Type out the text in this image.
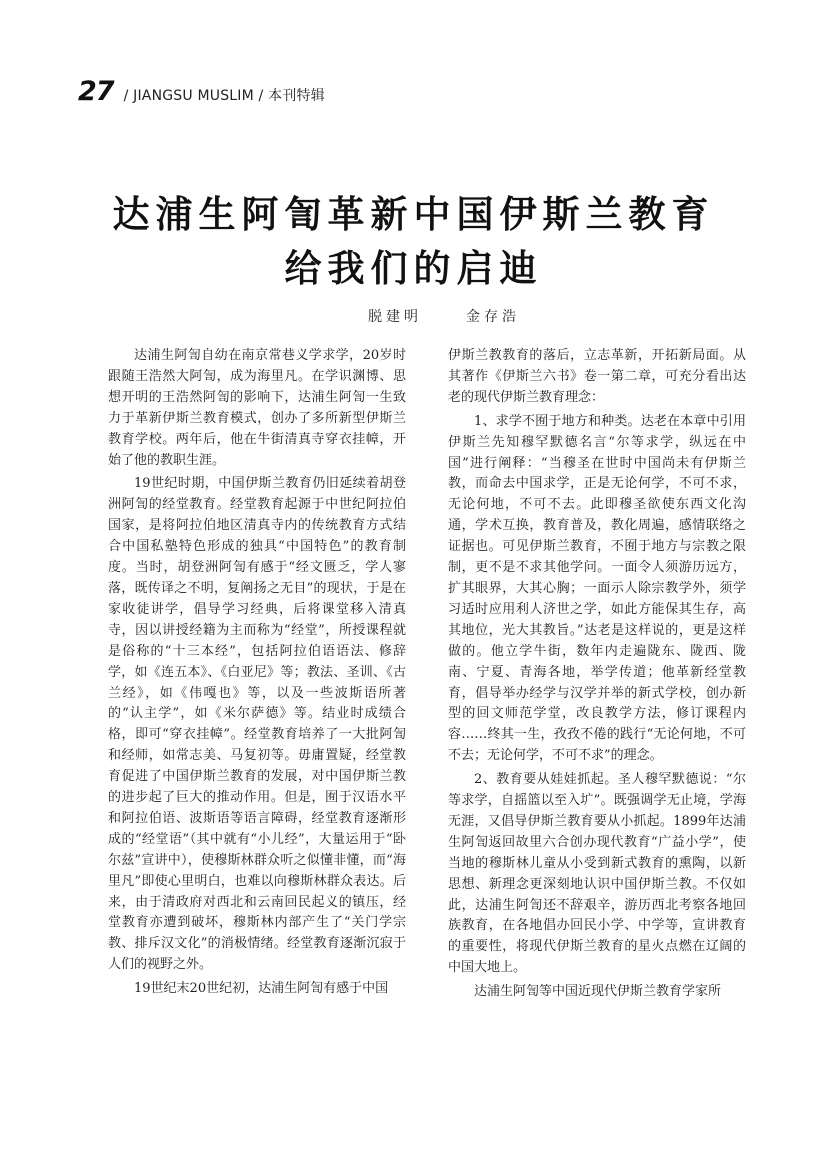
27 / JIANGSU MUSLIM / 本刊特辑
达浦生阿訇革新中国伊斯兰教育
给我们的启迪
脱建明	金存浩

达浦生阿訇自幼在南京常巷义学求学，20岁时跟随王浩然大阿訇，成为海里凡。在学识渊博、思想开明的王浩然阿訇的影响下，达浦生阿訇一生致力于革新伊斯兰教育模式，创办了多所新型伊斯兰教育学校。两年后，他在牛街清真寺穿衣挂幛，开始了他的教职生涯。

19世纪时期，中国伊斯兰教育仍旧延续着胡登洲阿訇的经堂教育。经堂教育起源于中世纪阿拉伯国家，是将阿拉伯地区清真寺内的传统教育方式结合中国私塾特色形成的独具“中国特色”的教育制度。当时，胡登洲阿訇有感于“经文匮乏，学人寥落，既传译之不明，复阐扬之无目”的现状，于是在家收徒讲学，倡导学习经典，后将课堂移入清真寺，因以讲授经籍为主而称为“经堂”，所授课程就是俗称的“十三本经”，包括阿拉伯语语法、修辞学，如《连五本》、《白亚尼》等；教法、圣训、《古兰经》，如《伟嘎也》等，以及一些波斯语所著的“认主学”，如《米尔萨德》等。结业时成绩合格，即可“穿衣挂幛”。经堂教育培养了一大批阿訇和经师，如常志美、马复初等。毋庸置疑，经堂教育促进了中国伊斯兰教育的发展，对中国伊斯兰教的进步起了巨大的推动作用。但是，囿于汉语水平和阿拉伯语、波斯语等语言障碍，经堂教育逐渐形成的“经堂语”（其中就有“小儿经”，大量运用于“卧尔兹”宣讲中），使穆斯林群众听之似懂非懂，而“海里凡”即使心里明白，也难以向穆斯林群众表达。后来，由于清政府对西北和云南回民起义的镇压，经堂教育亦遭到破坏，穆斯林内部产生了“关门学宗教、排斥汉文化”的消极情绪。经堂教育逐渐沉寂于人们的视野之外。

19世纪末20世纪初，达浦生阿訇有感于中国

伊斯兰教教育的落后，立志革新，开拓新局面。从其著作《伊斯兰六书》卷一第二章，可充分看出达老的现代伊斯兰教育理念：

1、求学不囿于地方和种类。达老在本章中引用伊斯兰先知穆罕默德名言“尔等求学，纵远在中国”进行阐释：“当穆圣在世时中国尚未有伊斯兰教，而命去中国求学，正是无论何学，不可不求，无论何地，不可不去。此即穆圣欲使东西文化沟通，学术互换，教育普及，教化周遍，感情联络之证据也。可见伊斯兰教育，不囿于地方与宗教之限制，更不是不求其他学问。一面令人须游历远方，扩其眼界，大其心胸；一面示人除宗教学外，须学习适时应用利人济世之学，如此方能保其生存，高其地位，光大其教旨。”达老是这样说的，更是这样做的。他立学牛街，数年内走遍陇东、陇西、陇南、宁夏、青海各地，举学传道；他革新经堂教育，倡导举办经学与汉学并举的新式学校，创办新型的回文师范学堂，改良教学方法，修订课程内容……终其一生，孜孜不倦的践行“无论何地，不可不去；无论何学，不可不求”的理念。

2、教育要从娃娃抓起。圣人穆罕默德说：“尔等求学，自摇篮以至入圹”。既强调学无止境，学海无涯，又倡导伊斯兰教育要从小抓起。1899年达浦生阿訇返回故里六合创办现代教育“广益小学”，使当地的穆斯林儿童从小受到新式教育的熏陶，以新思想、新理念更深刻地认识中国伊斯兰教。不仅如此，达浦生阿訇还不辞艰辛，游历西北考察各地回族教育，在各地倡办回民小学、中学等，宣讲教育的重要性，将现代伊斯兰教育的星火点燃在辽阔的中国大地上。

达浦生阿訇等中国近现代伊斯兰教育学家所
